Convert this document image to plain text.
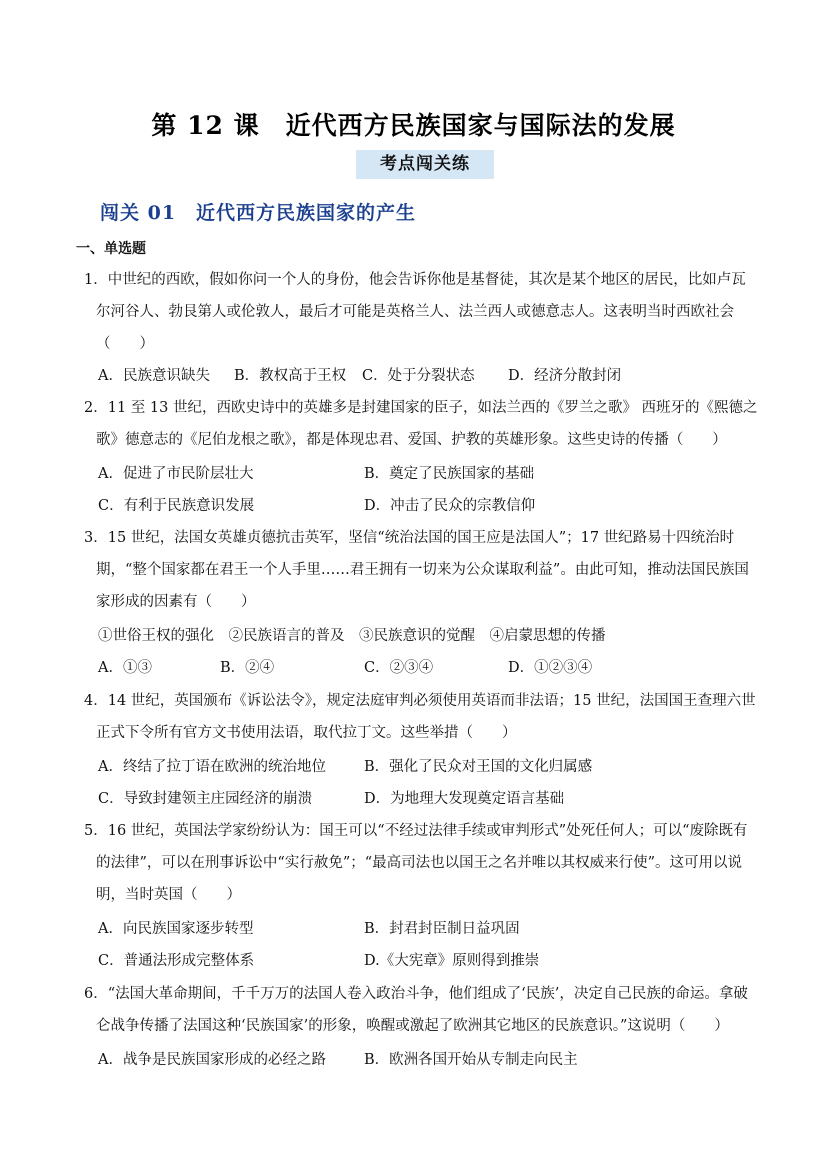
第 12 课　近代西方民族国家与国际法的发展
考点闯关练
闯关 01　近代西方民族国家的产生
一、单选题
1．中世纪的西欧，假如你问一个人的身份，他会告诉你他是基督徒，其次是某个地区的居民，比如卢瓦尔河谷人、勃艮第人或伦敦人，最后才可能是英格兰人、法兰西人或德意志人。这表明当时西欧社会（　　）
A．民族意识缺失 B．教权高于王权 C．处于分裂状态 D．经济分散封闭
2．11 至 13 世纪，西欧史诗中的英雄多是封建国家的臣子，如法兰西的《罗兰之歌》 西班牙的《熙德之歌》德意志的《尼伯龙根之歌》，都是体现忠君、爱国、护教的英雄形象。这些史诗的传播（　　）
A．促进了市民阶层壮大	B．奠定了民族国家的基础
C．有利于民族意识发展	D．冲击了民众的宗教信仰
3．15 世纪，法国女英雄贞德抗击英军，坚信“统治法国的国王应是法国人”；17 世纪路易十四统治时期，“整个国家都在君王一个人手里……君王拥有一切来为公众谋取利益”。由此可知，推动法国民族国家形成的因素有（　　）
①世俗王权的强化　②民族语言的普及　③民族意识的觉醒　④启蒙思想的传播
A．①③	B．②④	C．②③④	D．①②③④
4．14 世纪，英国颁布《诉讼法令》，规定法庭审判必须使用英语而非法语；15 世纪，法国国王查理六世正式下令所有官方文书使用法语，取代拉丁文。这些举措（　　）
A．终结了拉丁语在欧洲的统治地位	B．强化了民众对王国的文化归属感
C．导致封建领主庄园经济的崩溃	D．为地理大发现奠定语言基础
5．16 世纪，英国法学家纷纷认为：国王可以“不经过法律手续或审判形式”处死任何人；可以“废除既有的法律”，可以在刑事诉讼中“实行赦免”；“最高司法也以国王之名并唯以其权威来行使”。这可用以说明，当时英国（　　）
A．向民族国家逐步转型	B．封君封臣制日益巩固
C．普通法形成完整体系	D.《大宪章》原则得到推崇
6．“法国大革命期间，千千万万的法国人卷入政治斗争，他们组成了‘民族’，决定自己民族的命运。拿破仑战争传播了法国这种‘民族国家’的形象，唤醒或激起了欧洲其它地区的民族意识。”这说明（　　）
A．战争是民族国家形成的必经之路	B．欧洲各国开始从专制走向民主
